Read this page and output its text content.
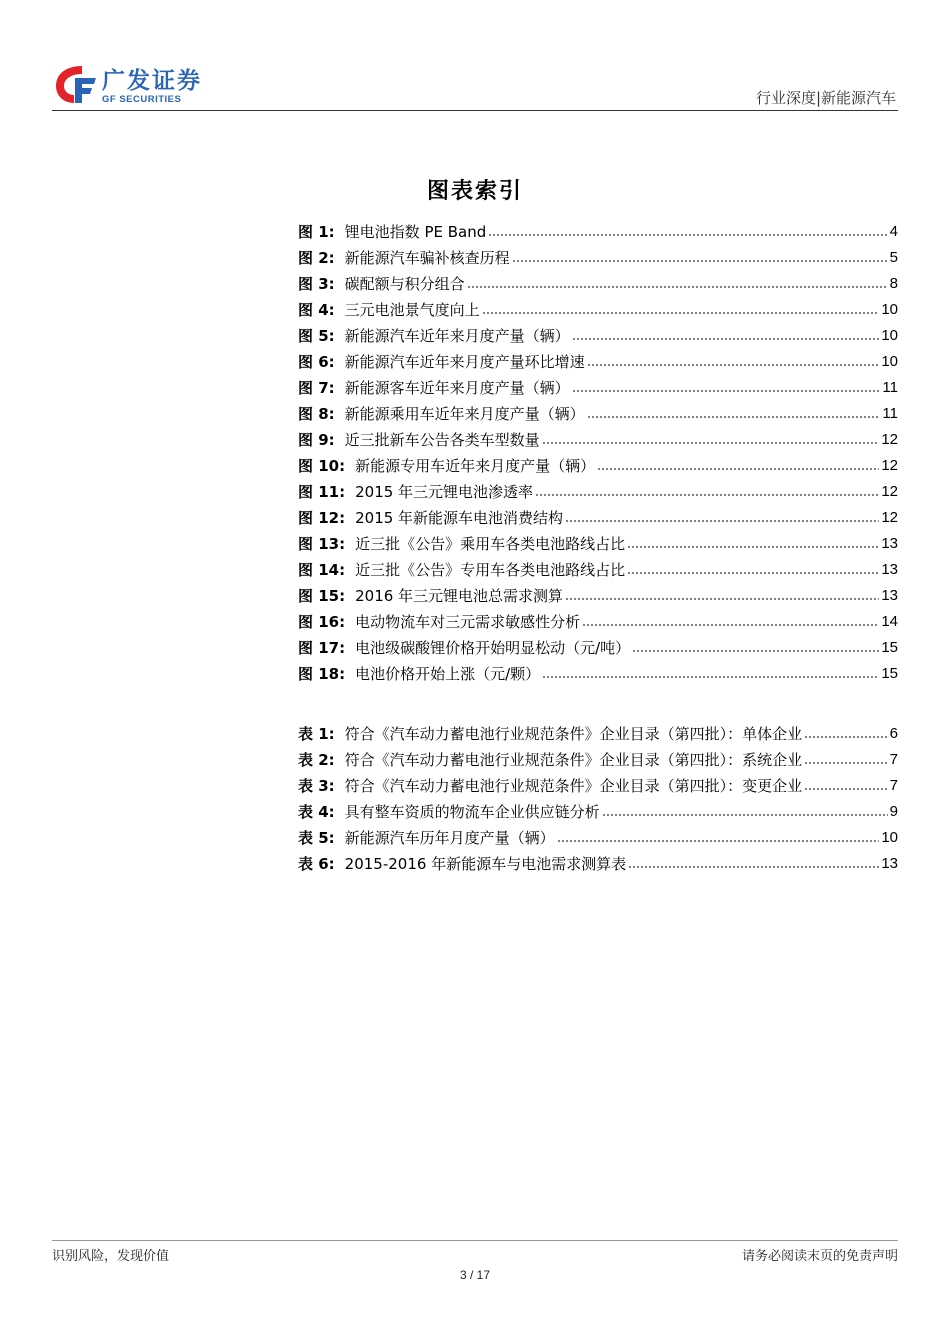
广发证券
GF SECURITIES	行业深度|新能源汽车
图表索引
图 1: 锂电池指数 PE Band	4
图 2: 新能源汽车骗补核查历程	5
图 3: 碳配额与积分组合	8
图 4: 三元电池景气度向上	10
图 5: 新能源汽车近年来月度产量（辆）	10
图 6: 新能源汽车近年来月度产量环比增速	10
图 7: 新能源客车近年来月度产量（辆）	11
图 8: 新能源乘用车近年来月度产量（辆）	11
图 9: 近三批新车公告各类车型数量	12
图 10: 新能源专用车近年来月度产量（辆）	12
图 11: 2015 年三元锂电池渗透率	12
图 12: 2015 年新能源车电池消费结构	12
图 13: 近三批《公告》乘用车各类电池路线占比	13
图 14: 近三批《公告》专用车各类电池路线占比	13
图 15: 2016 年三元锂电池总需求测算	13
图 16: 电动物流车对三元需求敏感性分析	14
图 17: 电池级碳酸锂价格开始明显松动（元/吨）	15
图 18: 电池价格开始上涨（元/颗）	15
表 1: 符合《汽车动力蓄电池行业规范条件》企业目录（第四批）：单体企业	6
表 2: 符合《汽车动力蓄电池行业规范条件》企业目录（第四批）：系统企业	7
表 3: 符合《汽车动力蓄电池行业规范条件》企业目录（第四批）：变更企业	7
表 4: 具有整车资质的物流车企业供应链分析	9
表 5: 新能源汽车历年月度产量（辆）	10
表 6: 2015-2016 年新能源车与电池需求测算表	13
识别风险，发现价值	请务必阅读末页的免责声明
3 / 17
